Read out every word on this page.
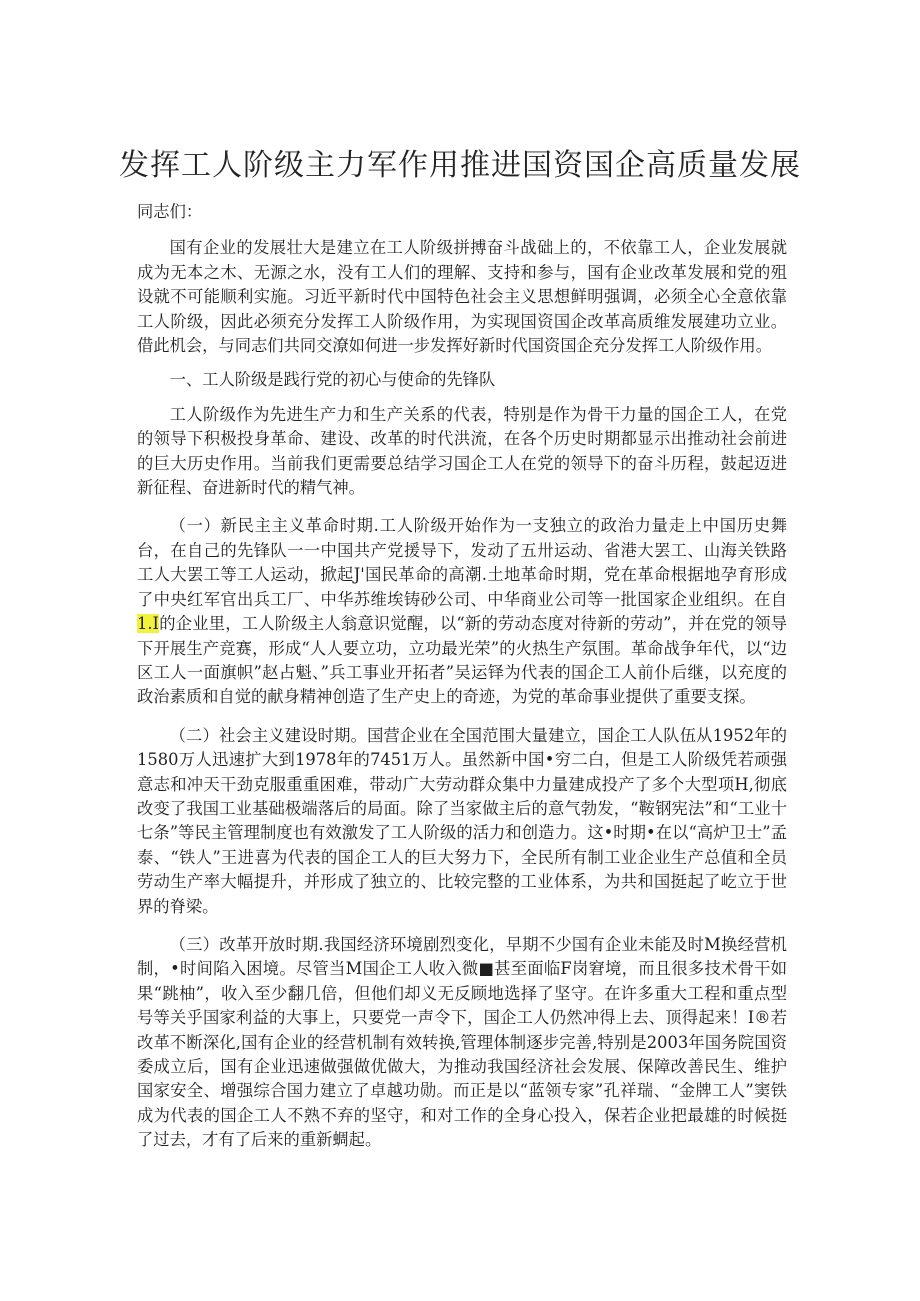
发挥工人阶级主力军作用推进国资国企高质量发展

同志们：

国有企业的发展壮大是建立在工人阶级拼搏奋斗战础上的，不依靠工人，企业发展就成为无本之木、无源之水，没有工人们的理解、支持和参与，国有企业改革发展和党的殂设就不可能顺利实施。习近平新时代中国特色社会主义思想鲜明强调，必须全心全意依靠工人阶级，因此必须充分发挥工人阶级作用，为实现国资国企改革高质维发展建功立业。借此机会，与同志们共同交潦如何进一步发挥好新时代国资国企充分发挥工人阶级作用。

一、工人阶级是践行党的初心与使命的先锋队

工人阶级作为先进生产力和生产关系的代表，特别是作为骨干力量的国企工人，在党的领导下积极投身革命、建设、改革的时代洪流，在各个历史时期都显示出推动社会前进的巨大历史作用。当前我们更需要总结学习国企工人在党的领导下的奋斗历程，鼓起迈进新征程、奋进新时代的精气神。

（一）新民主主义革命时期.工人阶级开始作为一支独立的政治力量走上中国历史舞台，在自己的先锋队一一中国共产党援导下，发动了五卅运动、省港大罢工、山海关铁路工人大罢工等工人运动，掀起J'国民革命的高潮.土地革命时期，党在革命根据地孕育形成了中央红军官出兵工厂、中华苏维埃铸砂公司、中华商业公司等一批国家企业组织。在自1.I的企业里，工人阶级主人翁意识觉醒，以“新的劳动态度对待新的劳动”，并在党的领导下开展生产竞赛，形成“人人要立功，立功最光荣”的火热生产氛围。革命战争年代，以“边区工人一面旗帜”赵占魁、”兵工事业开拓者”吴运铎为代表的国企工人前仆后继，以充度的政治素质和自觉的献身精神创造了生产史上的奇迹，为党的革命事业提供了重要支探。

（二）社会主义建设时期。国营企业在全国范围大量建立，国企工人队伍从1952年的1580万人迅速扩大到1978年的7451万人。虽然新中国•穷二白，但是工人阶级凭若顽强意志和冲天干劲克服重重困难，带动广大劳动群众集中力量建成投产了多个大型项H,彻底改变了我国工业基础极端落后的局面。除了当家做主后的意气勃发，“鞍钢宪法”和“工业十七条”等民主管理制度也有效激发了工人阶级的活力和创造力。这•时期•在以“高炉卫士”孟泰、“铁人”王进喜为代表的国企工人的巨大努力下，全民所有制工业企业生产总值和全员劳动生产率大幅提升，并形成了独立的、比较完整的工业体系，为共和国挺起了屹立于世界的脊梁。

（三）改革开放时期.我国经济环境剧烈变化，早期不少国有企业未能及时M换经营机制，•时间陷入困境。尽管当M国企工人收入微■甚至面临F岗窘境，而且很多技术骨干如果“跳柚”，收入至少翻几倍，但他们却义无反顾地选择了坚守。在许多重大工程和重点型号等关乎国家利益的大事上，只要党一声令下，国企工人仍然冲得上去、顶得起来！I®若改革不断深化,国有企业的经营机制有效转换,管理体制逐步完善,特别是2003年国务院国资委成立后，国有企业迅速做强做优做大，为推动我国经济社会发展、保障改善民生、维护国家安全、增强综合国力建立了卓越功勋。而正是以“蓝领专家”孔祥瑞、“金牌工人”窦铁成为代表的国企工人不熟不弃的坚守，和对工作的全身心投入，保若企业把最雄的时候挺了过去，才有了后来的重新蜩起。
